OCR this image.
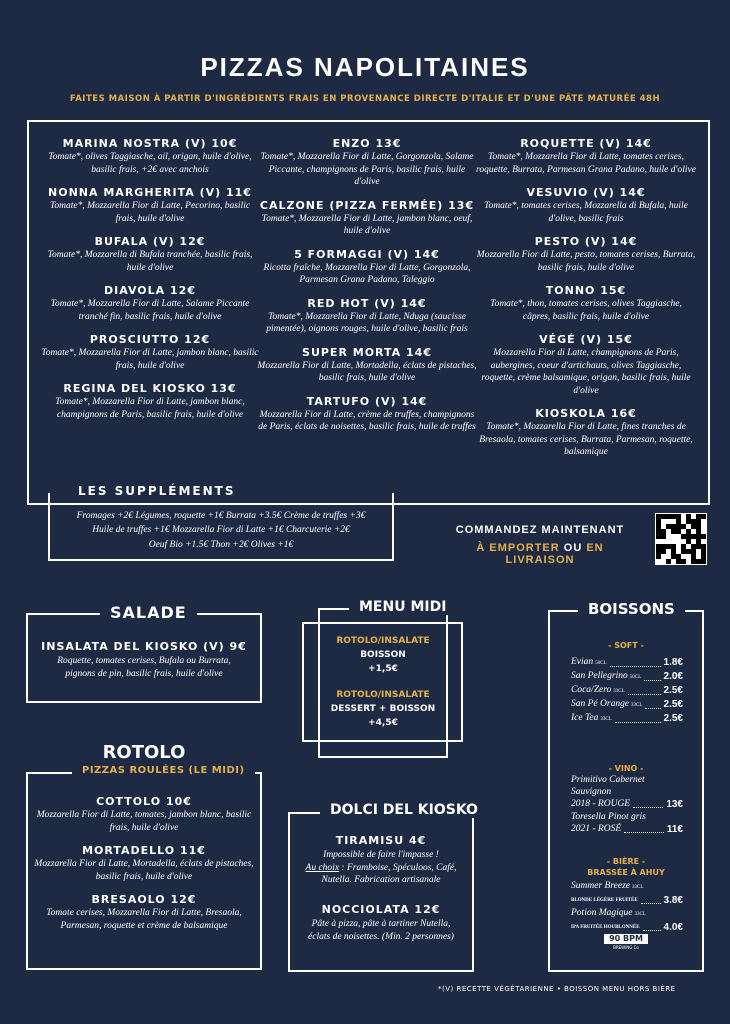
PIZZAS NAPOLITAINES
FAITES MAISON À PARTIR D'INGRÉDIENTS FRAIS EN PROVENANCE DIRECTE D'ITALIE ET D'UNE PÂTE MATURÉE 48H
MARINA NOSTRA (V) 10€
Tomate*, olives Taggiasche, ail, origan, huile d'olive, basilic frais, +2€ avec anchois
NONNA MARGHERITA (V) 11€
Tomate*, Mozzarella Fior di Latte, Pecorino, basilic frais, huile d'olive
BUFALA (V) 12€
Tomate*, Mozzarella di Bufala tranchée, basilic frais, huile d'olive
DIAVOLA 12€
Tomate*, Mozzarella Fior di Latte, Salame Piccante tranché fin, basilic frais, huile d'olive
PROSCIUTTO 12€
Tomate*, Mozzarella Fior di Latte, jambon blanc, basilic frais, huile d'olive
REGINA DEL KIOSKO 13€
Tomate*, Mozzarella Fior di Latte, jambon blanc, champignons de Paris, basilic frais, huile d'olive
ENZO 13€
Tomate*, Mozzarella Fior di Latte, Gorgonzola, Salame Piccante, champignons de Paris, basilic frais, huile d'olive
CALZONE (PIZZA FERMÉE) 13€
Tomate*, Mozzarella Fior di Latte, jambon blanc, oeuf, huile d'olive
5 FORMAGGI (V) 14€
Ricotta fraîche, Mozzarella Fior di Latte, Gorgonzola, Parmesan Grana Padano, Taleggio
RED HOT (V) 14€
Tomate*, Mozzarella Fior di Latte, Nduga (saucisse pimentée), oignons rouges, huile d'olive, basilic frais
SUPER MORTA 14€
Mozzarella Fior di Latte, Mortadella, éclats de pistaches, basilic frais, huile d'olive
TARTUFO (V) 14€
Mozzarella Fior di Latte, crème de truffes, champignons de Paris, éclats de noisettes, basilic frais, huile de truffes
ROQUETTE (V) 14€
Tomate*, Mozzarella Fior di Latte, tomates cerises, roquette, Burrata, Parmesan Grana Padano, huile d'olive
VESUVIO (V) 14€
Tomate*, tomates cerises, Mozzarella di Bufala, huile d'olive, basilic frais
PESTO (V) 14€
Mozzarella Fior di Latte, pesto, tomates cerises, Burrata, basilic frais, huile d'olive
TONNO 15€
Tomate*, thon, tomates cerises, olives Taggiasche, câpres, basilic frais, huile d'olive
VÉGÉ (V) 15€
Mozzarella Fior di Latte, champignons de Paris, aubergines, coeur d'artichauts, olives Taggiasche, roquette, crème balsamique, origan, basilic frais, huile d'olive
KIOSKOLA 16€
Tomate*, Mozzarella Fior di Latte, fines tranches de Bresaola, tomates cerises, Burrata, Parmesan, roquette, balsamique
LES SUPPLÉMENTS
Fromages +2€ Légumes, roquette +1€ Burrata +3.5€ Crème de truffes +3€
Huile de truffes +1€ Mozzarella Fior di Latte +1€ Charcuterie +2€
Oeuf Bio +1.5€ Thon +2€ Olives +1€
COMMANDEZ MAINTENANT
À EMPORTER OU EN LIVRAISON
SALADE
INSALATA DEL KIOSKO (V) 9€
Roquette, tomates cerises, Bufala ou Burrata, pignons de pin, basilic frais, huile d'olive
ROTOLO
PIZZAS ROULÉES (LE MIDI)
COTTOLO 10€
Mozzarella Fior di Latte, tomates, jambon blanc, basilic frais, huile d'olive
MORTADELLO 11€
Mozzarella Fior di Latte, Mortadella, éclats de pistaches, basilic frais, huile d'olive
BRESAOLO 12€
Tomate cerises, Mozzarella Fior di Latte, Bresaola, Parmesan, roquette et crème de balsamique
MENU MIDI
ROTOLO/INSALATE
BOISSON
+1,5€
ROTOLO/INSALATE
DESSERT + BOISSON
+4,5€
DOLCI DEL KIOSKO
TIRAMISU 4€
Impossible de faire l'impasse !
Au choix : Framboise, Spéculoos, Café,
Nutella. Fabrication artisanale
NOCCIOLATA 12€
Pâte à pizza, pâte à tartiner Nutella, éclats de noisettes. (Min. 2 personnes)
BOISSONS
- SOFT -
Evian 50CL	1.8€
San Pellegrino 50CL 2.0€
Coca/Zero 33CL	2.5€
San Pé Orange 33CL 2.5€
Ice Tea 33CL	2.5€
- VINO -
Primitivo Cabernet Sauvignon
2018 - ROUGE	13€
Toresella Pinot gris
2021 - ROSÉ	11€
- BIÈRE -
BRASSÉE À AHUY
Summer Breeze 33CL
BLONDE LÉGÈRE FRUITÉE	3.8€
Potion Magique 33CL
IPA FRUITÉE HOUBLONNÉE 4.0€
90 BPM
BREWING Co
*(V) RECETTE VÉGÉTARIENNE • BOISSON MENU HORS BIÈRE
